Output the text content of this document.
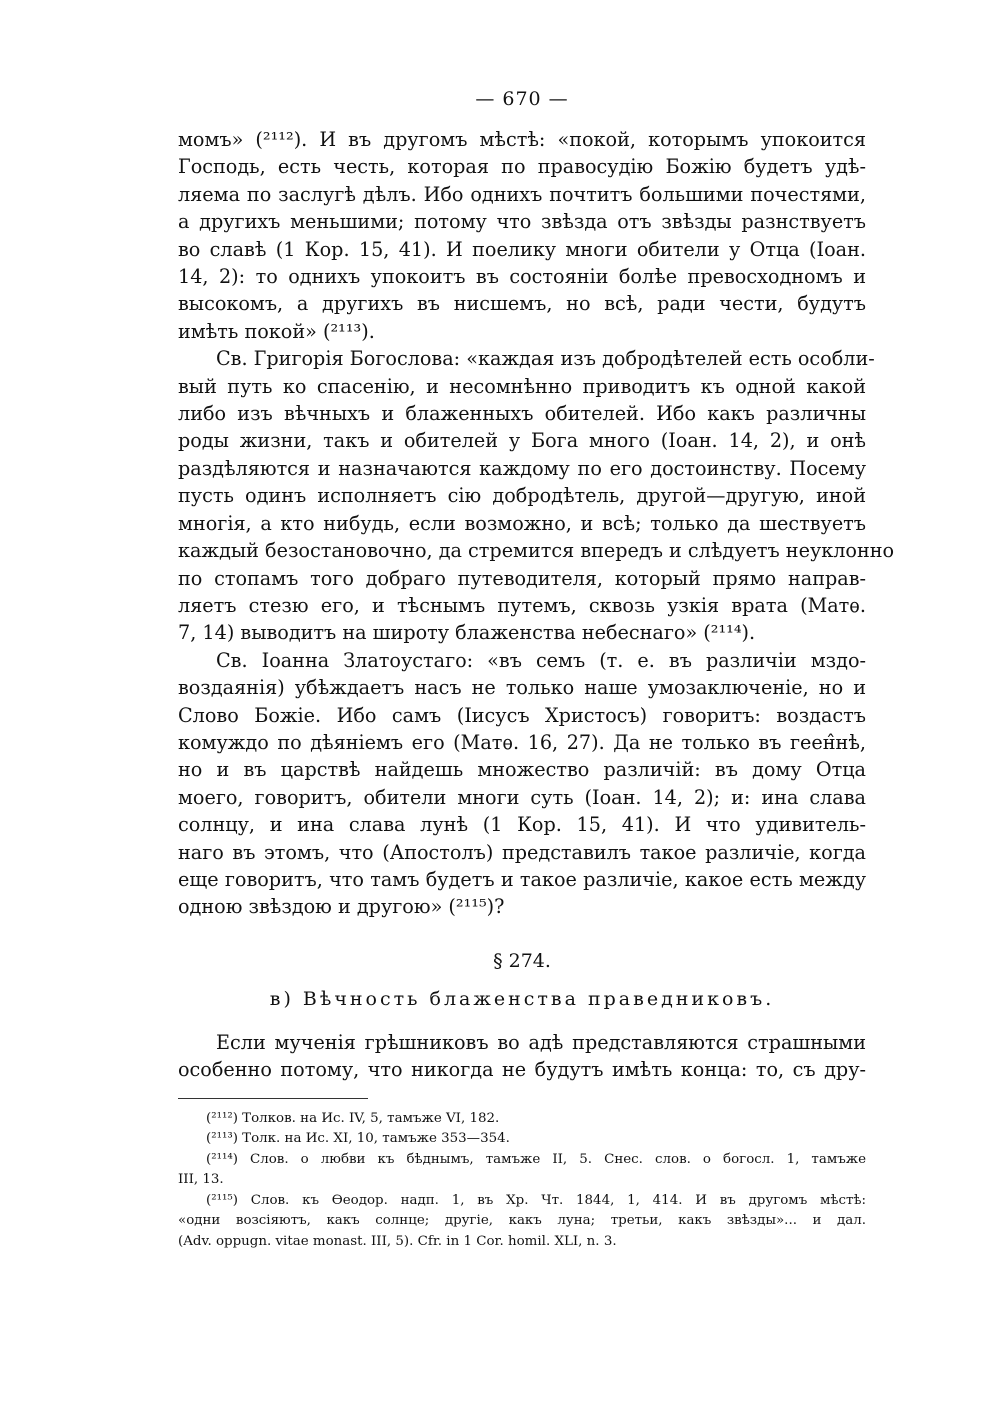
— 670 —
момъ» (²¹¹²). И въ другомъ мѣстѣ: «покой, которымъ упокоится
Господь, есть честь, которая по правосудію Божію будетъ удѣ-
ляема по заслугѣ дѣлъ. Ибо однихъ почтитъ большими почестями,
а другихъ меньшими; потому что звѣзда отъ звѣзды разнствуетъ
во славѣ (1 Кор. 15, 41). И поелику многи обители у Отца (Іоан.
14, 2): то однихъ упокоитъ въ состояніи болѣе превосходномъ и
высокомъ, а другихъ въ нисшемъ, но всѣ, ради чести, будутъ
имѣть покой» (²¹¹³).
Св. Григорія Богослова: «каждая изъ добродѣтелей есть особли-
вый путь ко спасенію, и несомнѣнно приводитъ къ одной какой
либо изъ вѣчныхъ и блаженныхъ обителей. Ибо какъ различны
роды жизни, такъ и обителей у Бога много (Іоан. 14, 2), и онѣ
раздѣляются и назначаются каждому по его достоинству. Посему
пусть одинъ исполняетъ сію добродѣтель, другой—другую, иной
многія, а кто нибудь, если возможно, и всѣ; только да шествуетъ
каждый безостановочно, да стремится впередъ и слѣдуетъ неуклонно
по стопамъ того добраго путеводителя, который прямо направ-
ляетъ стезю его, и тѣснымъ путемъ, сквозь узкія врата (Матѳ.
7, 14) выводитъ на широту блаженства небеснаго» (²¹¹⁴).
Св. Іоанна Златоустаго: «въ семъ (т. е. въ различіи мздо-
воздаянія) убѣждаетъ насъ не только наше умозаключеніе, но и
Слово Божіе. Ибо самъ (Іисусъ Христосъ) говоритъ: воздастъ
комуждо по дѣяніемъ его (Матѳ. 16, 27). Да не только въ геен̂нѣ,
но и въ царствѣ найдешь множество различій: въ дому Отца
моего, говоритъ, обители многи суть (Іоан. 14, 2); и: ина слава
солнцу, и ина слава лунѣ (1 Кор. 15, 41). И что удивитель-
наго въ этомъ, что (Апостолъ) представилъ такое различіе, когда
еще говоритъ, что тамъ будетъ и такое различіе, какое есть между
одною звѣздою и другою» (²¹¹⁵)?
§ 274.
в) Вѣчность блаженства праведниковъ.
Если мученія грѣшниковъ во адѣ представляются страшными
особенно потому, что никогда не будутъ имѣть конца: то, съ дру-
(²¹¹²) Толков. на Ис. IV, 5, тамъже VI, 182.
(²¹¹³) Толк. на Ис. XI, 10, тамъже 353—354.
(²¹¹⁴) Слов. о любви къ бѣднымъ, тамъже II, 5. Снес. слов. о богосл. 1, тамъже
III, 13.
(²¹¹⁵) Слов. къ Ѳеодор. надп. 1, въ Хр. Чт. 1844, 1, 414. И въ другомъ мѣстѣ:
«одни возсіяютъ, какъ солнце; другіе, какъ луна; третьи, какъ звѣзды»... и дал.
(Adv. oppugn. vitae monast. III, 5). Cfr. in 1 Cor. homil. XLI, n. 3.
